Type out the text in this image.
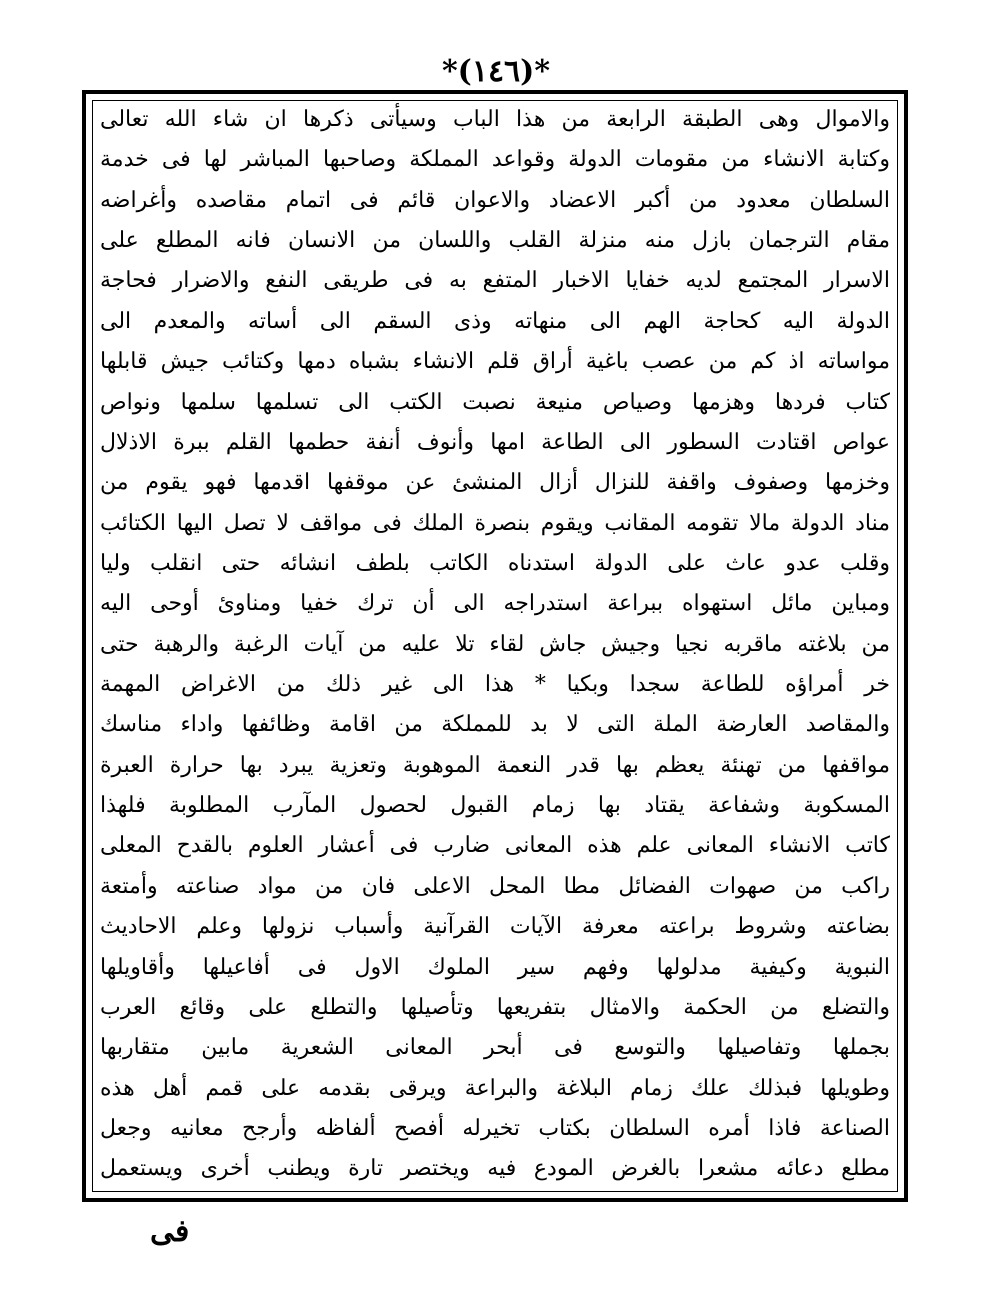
*(١٤٦)*
والاموال وهى الطبقة الرابعة من هذا الباب وسيأتى ذكرها ان شاء الله تعالى
وكتابة الانشاء من مقومات الدولة وقواعد المملكة وصاحبها المباشر لها فى خدمة
السلطان معدود من أكبر الاعضاد والاعوان قائم فى اتمام مقاصده وأغراضه
مقام الترجمان بازل منه منزلة القلب واللسان من الانسان فانه المطلع على
الاسرار المجتمع لديه خفايا الاخبار المتفع به فى طريقى النفع والاضرار فحاجة
الدولة اليه كحاجة الهم الى منهاته وذى السقم الى أساته والمعدم الى
مواساته اذ كم من عصب باغية أراق قلم الانشاء بشباه دمها وكتائب جيش قابلها
كتاب فردها وهزمها وصياص منيعة نصبت الكتب الى تسلمها سلمها ونواص
عواص اقتادت السطور الى الطاعة امها وأنوف أنفة حطمها القلم ببرة الاذلال
وخزمها وصفوف واقفة للنزال أزال المنشئ عن موقفها اقدمها فهو يقوم من
مناد الدولة مالا تقومه المقانب ويقوم بنصرة الملك فى مواقف لا تصل اليها الكتائب
وقلب عدو عاث على الدولة استدناه الكاتب بلطف انشائه حتى انقلب وليا
ومباين مائل استهواه ببراعة استدراجه الى أن ترك خفيا ومناوئ أوحى اليه
من بلاغته ماقربه نجيا وجيش جاش لقاء تلا عليه من آيات الرغبة والرهبة حتى
خر أمراؤه للطاعة سجدا وبكيا * هذا الى غير ذلك من الاغراض المهمة
والمقاصد العارضة الملة التى لا بد للمملكة من اقامة وظائفها واداء مناسك
مواقفها من تهنئة يعظم بها قدر النعمة الموهوبة وتعزية يبرد بها حرارة العبرة
المسكوبة وشفاعة يقتاد بها زمام القبول لحصول المآرب المطلوبة فلهذا
كاتب الانشاء المعانى علم هذه المعانى ضارب فى أعشار العلوم بالقدح المعلى
راكب من صهوات الفضائل مطا المحل الاعلى فان من مواد صناعته وأمتعة
بضاعته وشروط براعته معرفة الآيات القرآنية وأسباب نزولها وعلم الاحاديث
النبوية وكيفية مدلولها وفهم سير الملوك الاول فى أفاعيلها وأقاويلها
والتضلع من الحكمة والامثال بتفريعها وتأصيلها والتطلع على وقائع العرب
بجملها وتفاصيلها والتوسع فى أبحر المعانى الشعرية مابين متقاربها
وطويلها فبذلك علك زمام البلاغة والبراعة ويرقى بقدمه على قمم أهل هذه
الصناعة فاذا أمره السلطان بكتاب تخيرله أفصح ألفاظه وأرجح معانيه وجعل
مطلع دعائه مشعرا بالغرض المودع فيه ويختصر تارة ويطنب أخرى ويستعمل
فى
